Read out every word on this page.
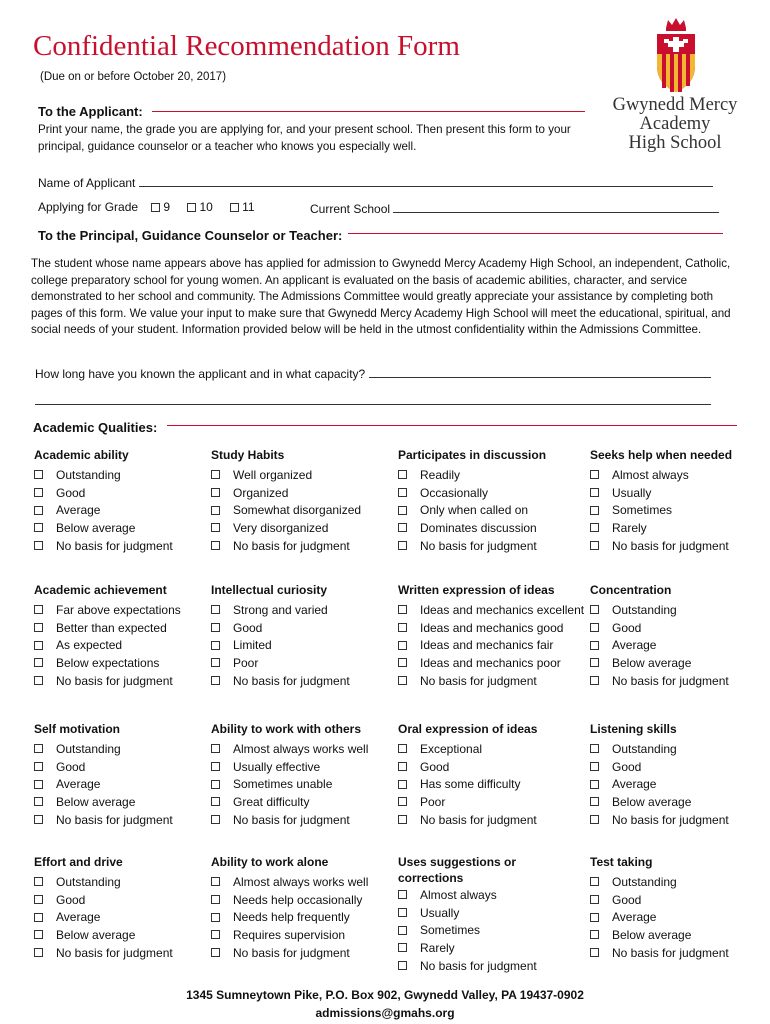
Confidential Recommendation Form
(Due on or before October 20, 2017)
Gwynedd Mercy
Academy
High School
To the Applicant:
Print your name, the grade you are applying for, and your present school. Then present this form to your principal, guidance counselor or a teacher who knows you especially well.
Name of Applicant
Applying for Grade 9 10 11	Current School
To the Principal, Guidance Counselor or Teacher:
The student whose name appears above has applied for admission to Gwynedd Mercy Academy High School, an independent, Catholic, college preparatory school for young women. An applicant is evaluated on the basis of academic abilities, character, and service demonstrated to her school and community. The Admissions Committee would greatly appreciate your assistance by completing both pages of this form. We value your input to make sure that Gwynedd Mercy Academy High School will meet the educational, spiritual, and social needs of your student. Information provided below will be held in the utmost confidentiality within the Admissions Committee.
How long have you known the applicant and in what capacity?
Academic Qualities:
Academic ability
Outstanding
Good
Average
Below average
No basis for judgment
Study Habits
Well organized
Organized
Somewhat disorganized
Very disorganized
No basis for judgment
Participates in discussion
Readily
Occasionally
Only when called on
Dominates discussion
No basis for judgment
Seeks help when needed
Almost always
Usually
Sometimes
Rarely
No basis for judgment
Academic achievement
Far above expectations
Better than expected
As expected
Below expectations
No basis for judgment
Intellectual curiosity
Strong and varied
Good
Limited
Poor
No basis for judgment
Written expression of ideas
Ideas and mechanics excellent
Ideas and mechanics good
Ideas and mechanics fair
Ideas and mechanics poor
No basis for judgment
Concentration
Outstanding
Good
Average
Below average
No basis for judgment
Self motivation
Outstanding
Good
Average
Below average
No basis for judgment
Ability to work with others
Almost always works well
Usually effective
Sometimes unable
Great difficulty
No basis for judgment
Oral expression of ideas
Exceptional
Good
Has some difficulty
Poor
No basis for judgment
Listening skills
Outstanding
Good
Average
Below average
No basis for judgment
Effort and drive
Outstanding
Good
Average
Below average
No basis for judgment
Ability to work alone
Almost always works well
Needs help occasionally
Needs help frequently
Requires supervision
No basis for judgment
Uses suggestions or corrections
Almost always
Usually
Sometimes
Rarely
No basis for judgment
Test taking
Outstanding
Good
Average
Below average
No basis for judgment
1345 Sumneytown Pike, P.O. Box 902, Gwynedd Valley, PA 19437-0902
admissions@gmahs.org
